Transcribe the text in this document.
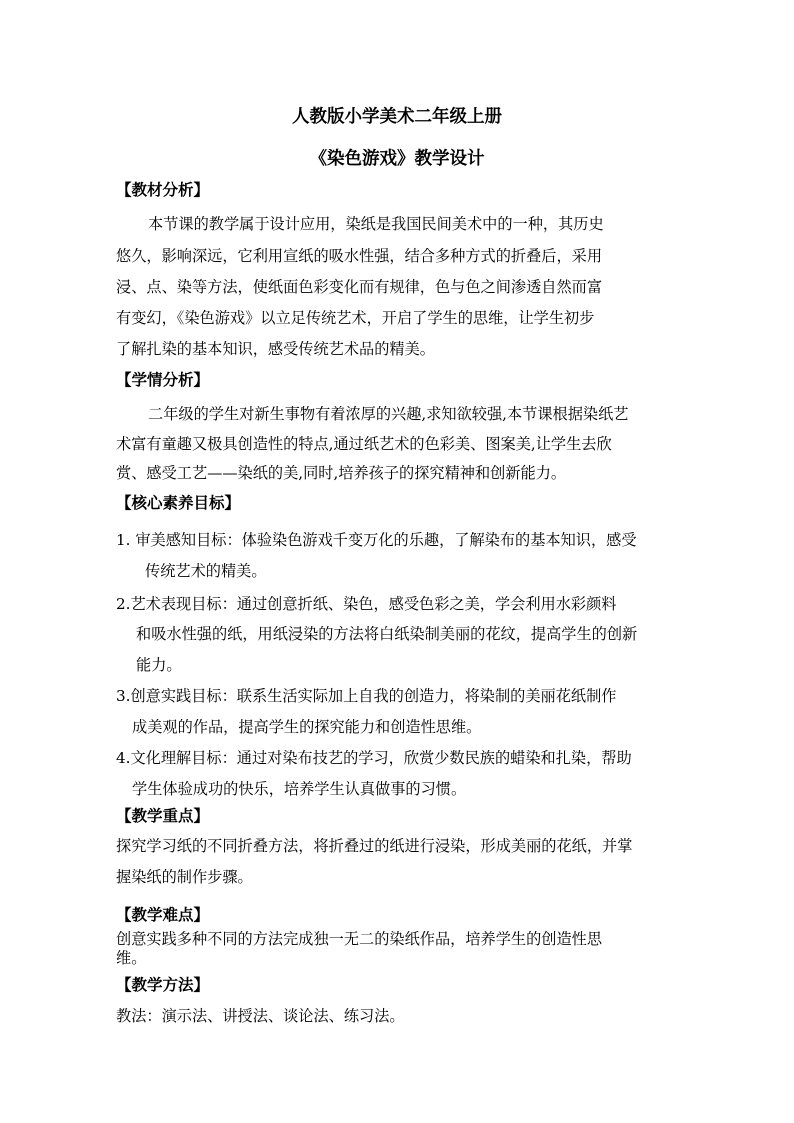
人教版小学美术二年级上册
《染色游戏》教学设计
【教材分析】
本节课的教学属于设计应用，染纸是我国民间美术中的一种，其历史
悠久，影响深远，它利用宣纸的吸水性强，结合多种方式的折叠后，采用
浸、点、染等方法，使纸面色彩变化而有规律，色与色之间渗透自然而富
有变幻，《染色游戏》以立足传统艺术，开启了学生的思维，让学生初步
了解扎染的基本知识，感受传统艺术品的精美。
【学情分析】
二年级的学生对新生事物有着浓厚的兴趣,求知欲较强,本节课根据染纸艺
术富有童趣又极具创造性的特点,通过纸艺术的色彩美、图案美,让学生去欣
赏、感受工艺——染纸的美,同时,培养孩子的探究精神和创新能力。
【核心素养目标】
1. 审美感知目标：体验染色游戏千变万化的乐趣，了解染布的基本知识，感受
传统艺术的精美。
2.艺术表现目标：通过创意折纸、染色，感受色彩之美，学会利用水彩颜料
和吸水性强的纸，用纸浸染的方法将白纸染制美丽的花纹，提高学生的创新
能力。
3.创意实践目标：联系生活实际加上自我的创造力，将染制的美丽花纸制作
成美观的作品，提高学生的探究能力和创造性思维。
4.文化理解目标：通过对染布技艺的学习，欣赏少数民族的蜡染和扎染，帮助
学生体验成功的快乐，培养学生认真做事的习惯。
【教学重点】
探究学习纸的不同折叠方法，将折叠过的纸进行浸染，形成美丽的花纸，并掌
握染纸的制作步骤。
【教学难点】
创意实践多种不同的方法完成独一无二的染纸作品，培养学生的创造性思
维。
【教学方法】
教法：演示法、讲授法、谈论法、练习法。
